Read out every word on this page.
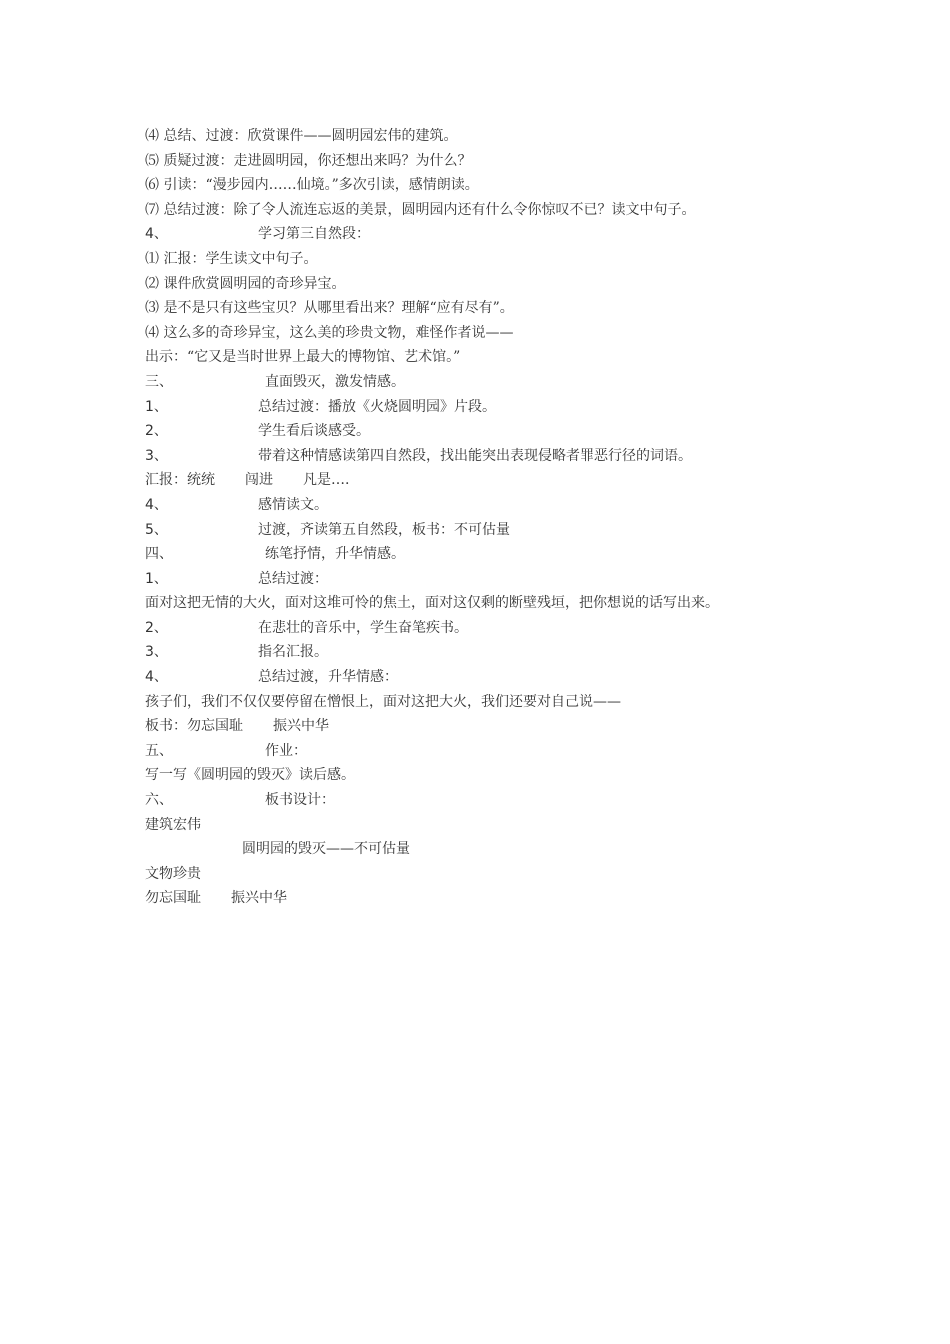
⑷ 总结、过渡：欣赏课件——圆明园宏伟的建筑。
⑸ 质疑过渡：走进圆明园，你还想出来吗？为什么？
⑹ 引读：“漫步园内……仙境。”多次引读，感情朗读。
⑺ 总结过渡：除了令人流连忘返的美景，圆明园内还有什么令你惊叹不已？读文中句子。
4、	学习第三自然段：
⑴ 汇报：学生读文中句子。
⑵ 课件欣赏圆明园的奇珍异宝。
⑶ 是不是只有这些宝贝？从哪里看出来？理解“应有尽有”。
⑷ 这么多的奇珍异宝，这么美的珍贵文物，难怪作者说——
出示：“它又是当时世界上最大的博物馆、艺术馆。”
三、	直面毁灭，激发情感。
1、	总结过渡：播放《火烧圆明园》片段。
2、	学生看后谈感受。
3、	带着这种情感读第四自然段，找出能突出表现侵略者罪恶行径的词语。
汇报：统统 闯进 凡是….
4、	感情读文。
5、	过渡，齐读第五自然段，板书：不可估量
四、	练笔抒情，升华情感。
1、	总结过渡：
面对这把无情的大火，面对这堆可怜的焦土，面对这仅剩的断壁残垣，把你想说的话写出来。
2、	在悲壮的音乐中，学生奋笔疾书。
3、	指名汇报。
4、	总结过渡，升华情感：
孩子们，我们不仅仅要停留在憎恨上，面对这把大火，我们还要对自己说——
板书：勿忘国耻 振兴中华
五、	作业：
写一写《圆明园的毁灭》读后感。
六、	板书设计：
建筑宏伟
圆明园的毁灭——不可估量
文物珍贵
勿忘国耻 振兴中华
